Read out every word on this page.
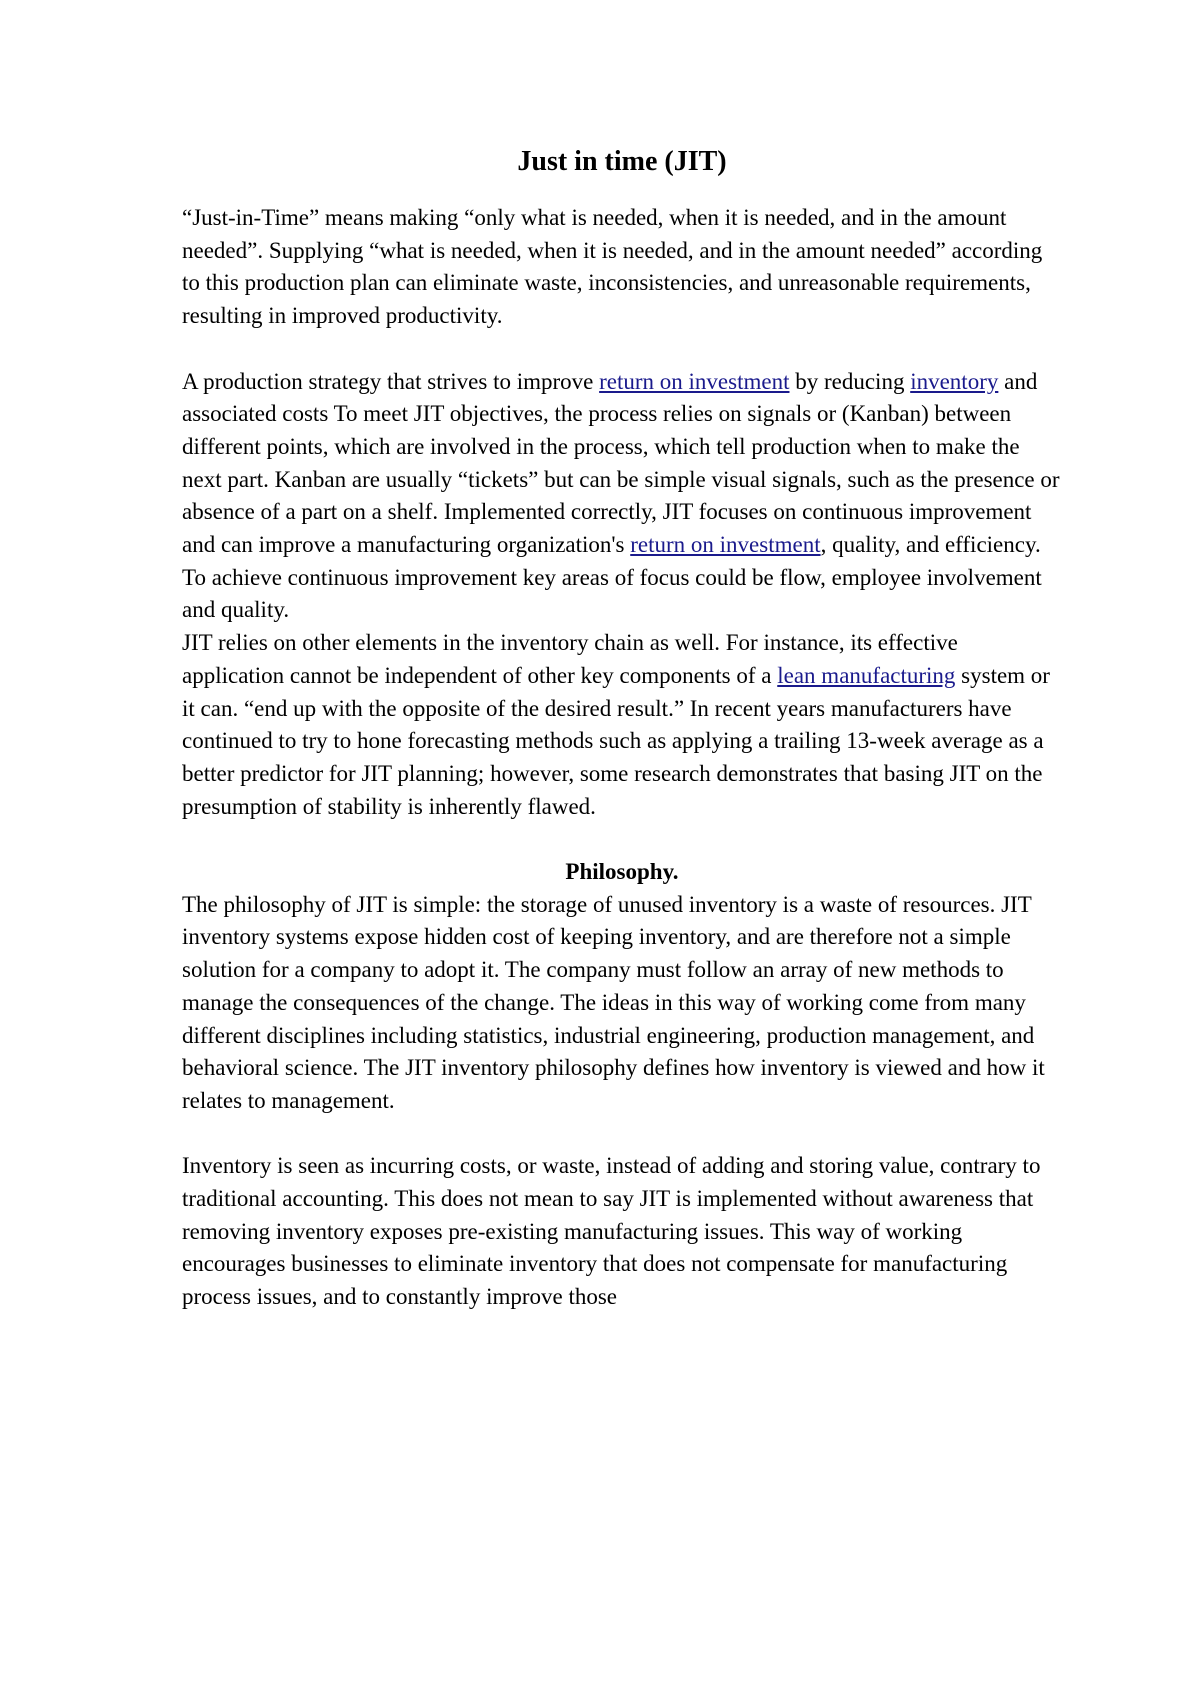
Just in time (JIT)

“Just-in-Time” means making “only what is needed, when it is needed, and in the amount needed”. Supplying “what is needed, when it is needed, and in the amount needed” according to this production plan can eliminate waste, inconsistencies, and unreasonable requirements, resulting in improved productivity.

A production strategy that strives to improve return on investment by reducing inventory and associated costs To meet JIT objectives, the process relies on signals or (Kanban) between different points, which are involved in the process, which tell production when to make the next part. Kanban are usually “tickets” but can be simple visual signals, such as the presence or absence of a part on a shelf. Implemented correctly, JIT focuses on continuous improvement and can improve a manufacturing organization's return on investment, quality, and efficiency. To achieve continuous improvement key areas of focus could be flow, employee involvement and quality.

JIT relies on other elements in the inventory chain as well. For instance, its effective application cannot be independent of other key components of a lean manufacturing system or it can. “end up with the opposite of the desired result.” In recent years manufacturers have continued to try to hone forecasting methods such as applying a trailing 13-week average as a better predictor for JIT planning; however, some research demonstrates that basing JIT on the presumption of stability is inherently flawed.

Philosophy.

The philosophy of JIT is simple: the storage of unused inventory is a waste of resources. JIT inventory systems expose hidden cost of keeping inventory, and are therefore not a simple solution for a company to adopt it. The company must follow an array of new methods to manage the consequences of the change. The ideas in this way of working come from many different disciplines including statistics, industrial engineering, production management, and behavioral science. The JIT inventory philosophy defines how inventory is viewed and how it relates to management.

Inventory is seen as incurring costs, or waste, instead of adding and storing value, contrary to traditional accounting. This does not mean to say JIT is implemented without awareness that removing inventory exposes pre-existing manufacturing issues. This way of working encourages businesses to eliminate inventory that does not compensate for manufacturing process issues, and to constantly improve those
